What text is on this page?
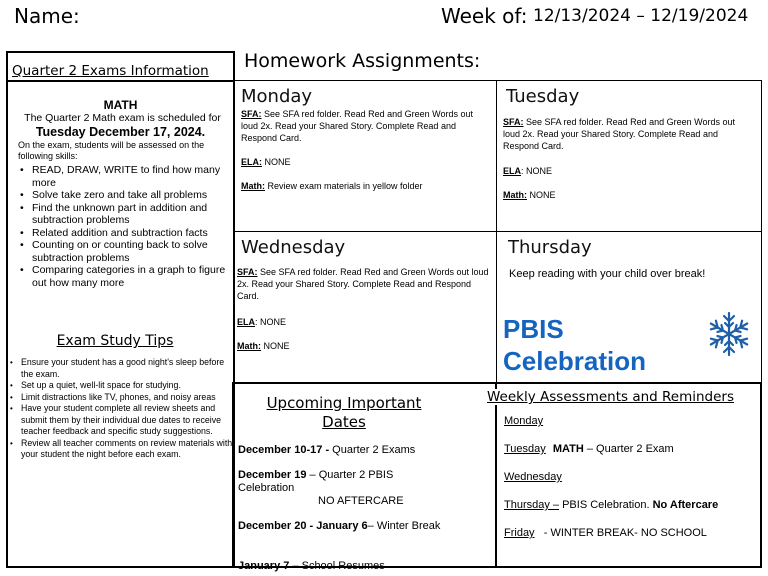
Name:	Week of: 12/13/2024 – 12/19/2024
Homework Assignments:
Quarter 2 Exams Information
MATH
The Quarter 2 Math exam is scheduled for
Tuesday December 17, 2024.
On the exam, students will be assessed on the following skills:
• READ, DRAW, WRITE to find how many more
• Solve take zero and take all problems
• Find the unknown part in addition and subtraction problems
• Related addition and subtraction facts
• Counting on or counting back to solve subtraction problems
• Comparing categories in a graph to figure out how many more
Exam Study Tips
• Ensure your student has a good night's sleep before the exam.
• Set up a quiet, well-lit space for studying.
• Limit distractions like TV, phones, and noisy areas
• Have your student complete all review sheets and submit them by their individual due dates to receive teacher feedback and specific study suggestions.
• Review all teacher comments on review materials with your student the night before each exam.
Monday
SFA: See SFA red folder. Read Red and Green Words out loud 2x. Read your Shared Story. Complete Read and Respond Card.
ELA: NONE
Math: Review exam materials in yellow folder
Tuesday
SFA: See SFA red folder. Read Red and Green Words out loud 2x. Read your Shared Story. Complete Read and Respond Card.
ELA: NONE
Math: NONE
Wednesday
SFA: See SFA red folder. Read Red and Green Words out loud 2x. Read your Shared Story. Complete Read and Respond Card.
ELA: NONE
Math: NONE
Thursday
Keep reading with your child over break!
PBIS
Celebration
Upcoming Important
Dates
December 10-17 - Quarter 2 Exams
December 19 – Quarter 2 PBIS Celebration
NO AFTERCARE
December 20 - January 6– Winter Break
January 7 – School Resumes
Weekly Assessments and Reminders
Monday
Tuesday MATH – Quarter 2 Exam
Wednesday
Thursday – PBIS Celebration. No Aftercare
Friday   - WINTER BREAK- NO SCHOOL
